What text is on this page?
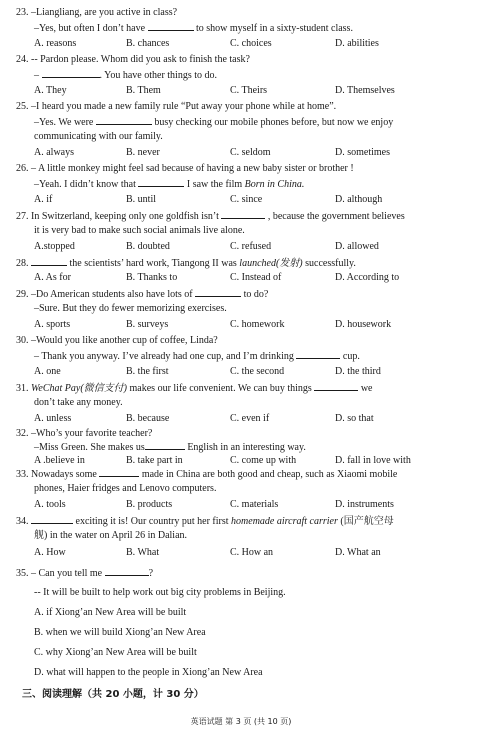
23. –Liangliang, are you active in class?
–Yes, but often I don’t have	to show myself in a sixty-student class.
A. reasons	B. chances	C. choices	D. abilities
24. -- Pardon please. Whom did you ask to finish the task?
–	. You have other things to do.
A. They	B. Them	C. Theirs	D. Themselves
25. –I heard you made a new family rule “Put away your phone while at home”.
–Yes. We were	busy checking our mobile phones before, but now we enjoy
communicating with our family.
A. always	B. never	C. seldom	D. sometimes
26. – A little monkey might feel sad because of having a new baby sister or brother !
–Yeah. I didn’t know that	I saw the film Born in China.
A. if	B. until	C. since	D. although
27. In Switzerland, keeping only one goldfish isn’t	, because the government believes
it is very bad to make such social animals live alone.
A.stopped	B. doubted	C. refused	D. allowed
28.	the scientists’ hard work, Tiangong II was launched(发射) successfully.
A. As for	B. Thanks to	C. Instead of	D. According to
29. –Do American students also have lots of	to do?
–Sure. But they do fewer memorizing exercises.
A. sports	B. surveys	C. homework	D. housework
30. –Would you like another cup of coffee, Linda?
– Thank you anyway. I’ve already had one cup, and I’m drinking	cup.
A. one	B. the first	C. the second	D. the third
31. WeChat Pay(微信支付) makes our life convenient. We can buy things	we
don’t take any money.
A. unless	B. because	C. even if	D. so that
32. –Who’s your favorite teacher?
–Miss Green. She makes us	English in an interesting way.
A .believe in	B. take part in	C. come up with	D. fall in love with
33. Nowadays some	made in China are both good and cheap, such as Xiaomi mobile
phones, Haier fridges and Lenovo computers.
A. tools	B. products	C. materials	D. instruments
34.	exciting it is! Our country put her first homemade aircraft carrier (国产航空母
舰) in the water on April 26 in Dalian.
A. How	B. What	C. How an	D. What an
35. – Can you tell me	?
-- It will be built to help work out big city problems in Beijing.
A. if Xiong’an New Area will be built
B. when we will build Xiong’an New Area
C. why Xiong’an New Area will be built
D. what will happen to the people in Xiong’an New Area
三、阅读理解（共 20 小题，计 30 分）
英语试题 第 3 页 (共 10 页)
